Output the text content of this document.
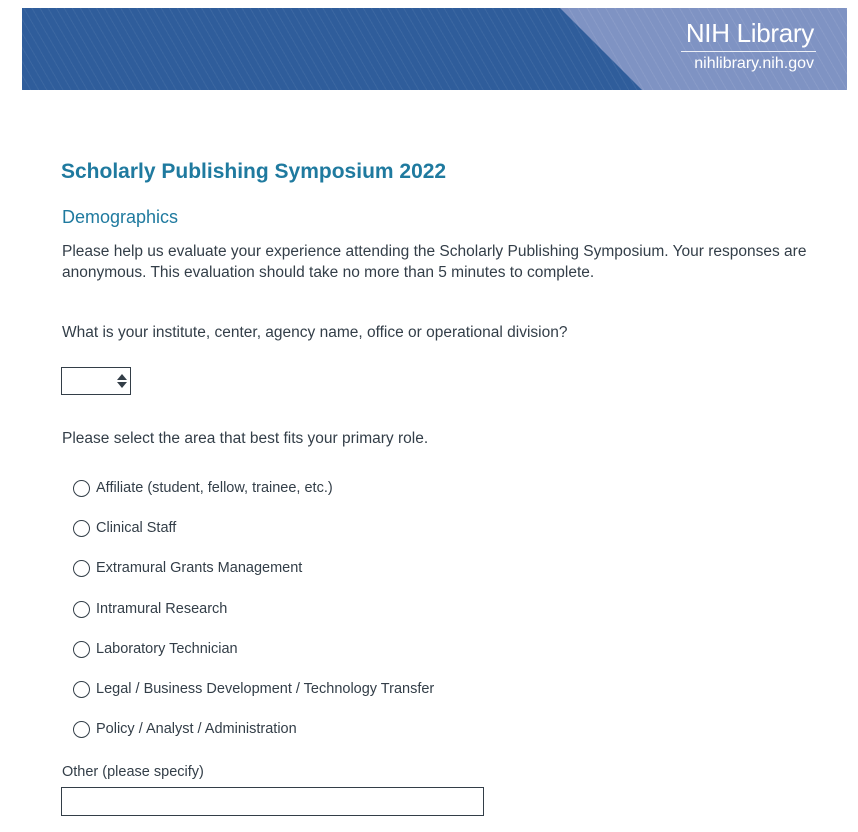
NIH Library
nihlibrary.nih.gov
Scholarly Publishing Symposium 2022
Demographics

Please help us evaluate your experience attending the Scholarly Publishing Symposium. Your responses are anonymous. This evaluation should take no more than 5 minutes to complete.

What is your institute, center, agency name, office or operational division?

Please select the area that best fits your primary role.

Affiliate (student, fellow, trainee, etc.)
Clinical Staff
Extramural Grants Management
Intramural Research
Laboratory Technician
Legal / Business Development / Technology Transfer
Policy / Analyst / Administration
Other (please specify)
